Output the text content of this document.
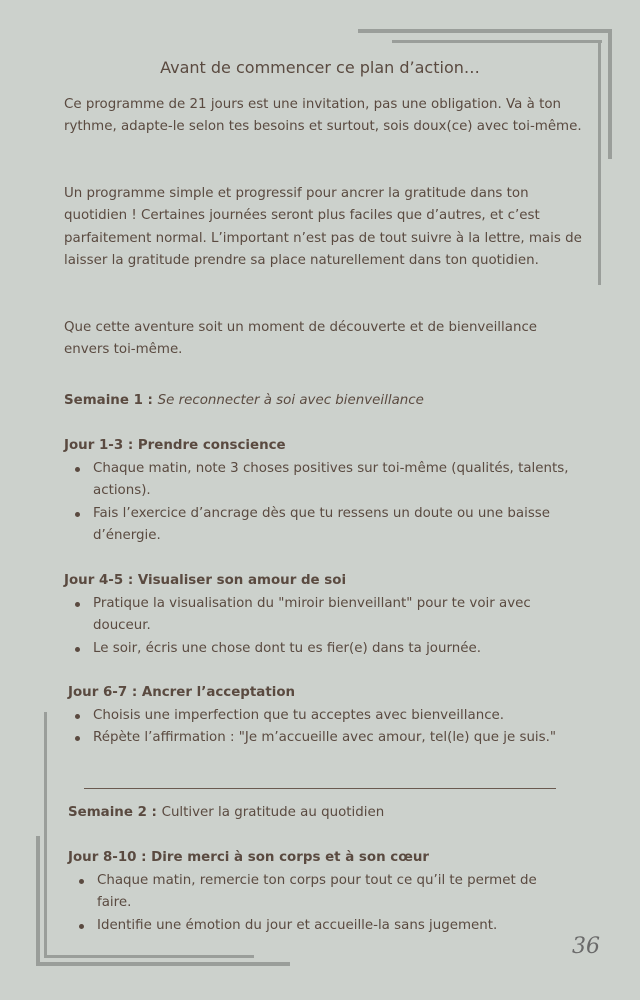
Avant de commencer ce plan d’action…
Ce programme de 21 jours est une invitation, pas une obligation. Va à ton rythme, adapte-le selon tes besoins et surtout, sois doux(ce) avec toi-même.
Un programme simple et progressif pour ancrer la gratitude dans ton quotidien ! Certaines journées seront plus faciles que d’autres, et c’est parfaitement normal. L’important n’est pas de tout suivre à la lettre, mais de laisser la gratitude prendre sa place naturellement dans ton quotidien.
Que cette aventure soit un moment de découverte et de bienveillance envers toi-même.
Semaine 1 : Se reconnecter à soi avec bienveillance
Jour 1-3 : Prendre conscience
Chaque matin, note 3 choses positives sur toi-même (qualités, talents, actions).
Fais l’exercice d’ancrage dès que tu ressens un doute ou une baisse d’énergie.
Jour 4-5 : Visualiser son amour de soi
Pratique la visualisation du "miroir bienveillant" pour te voir avec douceur.
Le soir, écris une chose dont tu es fier(e) dans ta journée.
Jour 6-7 : Ancrer l’acceptation
Choisis une imperfection que tu acceptes avec bienveillance.
Répète l’affirmation : "Je m’accueille avec amour, tel(le) que je suis."
Semaine 2 : Cultiver la gratitude au quotidien
Jour 8-10 : Dire merci à son corps et à son cœur
Chaque matin, remercie ton corps pour tout ce qu’il te permet de faire.
Identifie une émotion du jour et accueille-la sans jugement.
36
